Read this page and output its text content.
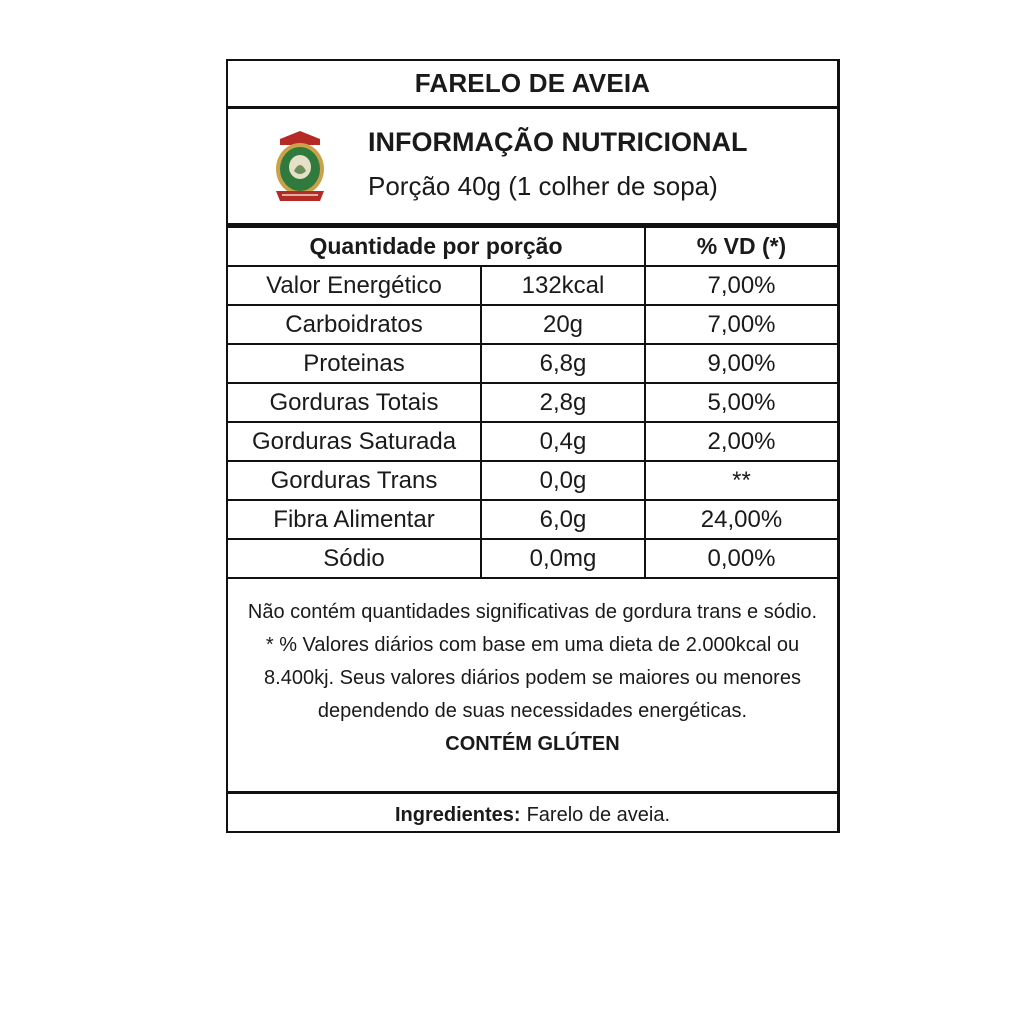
FARELO DE AVEIA
INFORMAÇÃO NUTRICIONAL
Porção 40g (1 colher de sopa)
Quantidade por porção		% VD (*)
Valor Energético	132kcal	7,00%
Carboidratos	20g	7,00%
Proteinas	6,8g	9,00%
Gorduras Totais	2,8g	5,00%
Gorduras Saturada	0,4g	2,00%
Gorduras Trans	0,0g	**
Fibra Alimentar	6,0g	24,00%
Sódio	0,0mg	0,00%
Não contém quantidades significativas de gordura trans e sódio.
* % Valores diários com base em uma dieta de 2.000kcal ou
8.400kj. Seus valores diários podem se maiores ou menores
dependendo de suas necessidades energéticas.
CONTÉM GLÚTEN
Ingredientes: Farelo de aveia.
